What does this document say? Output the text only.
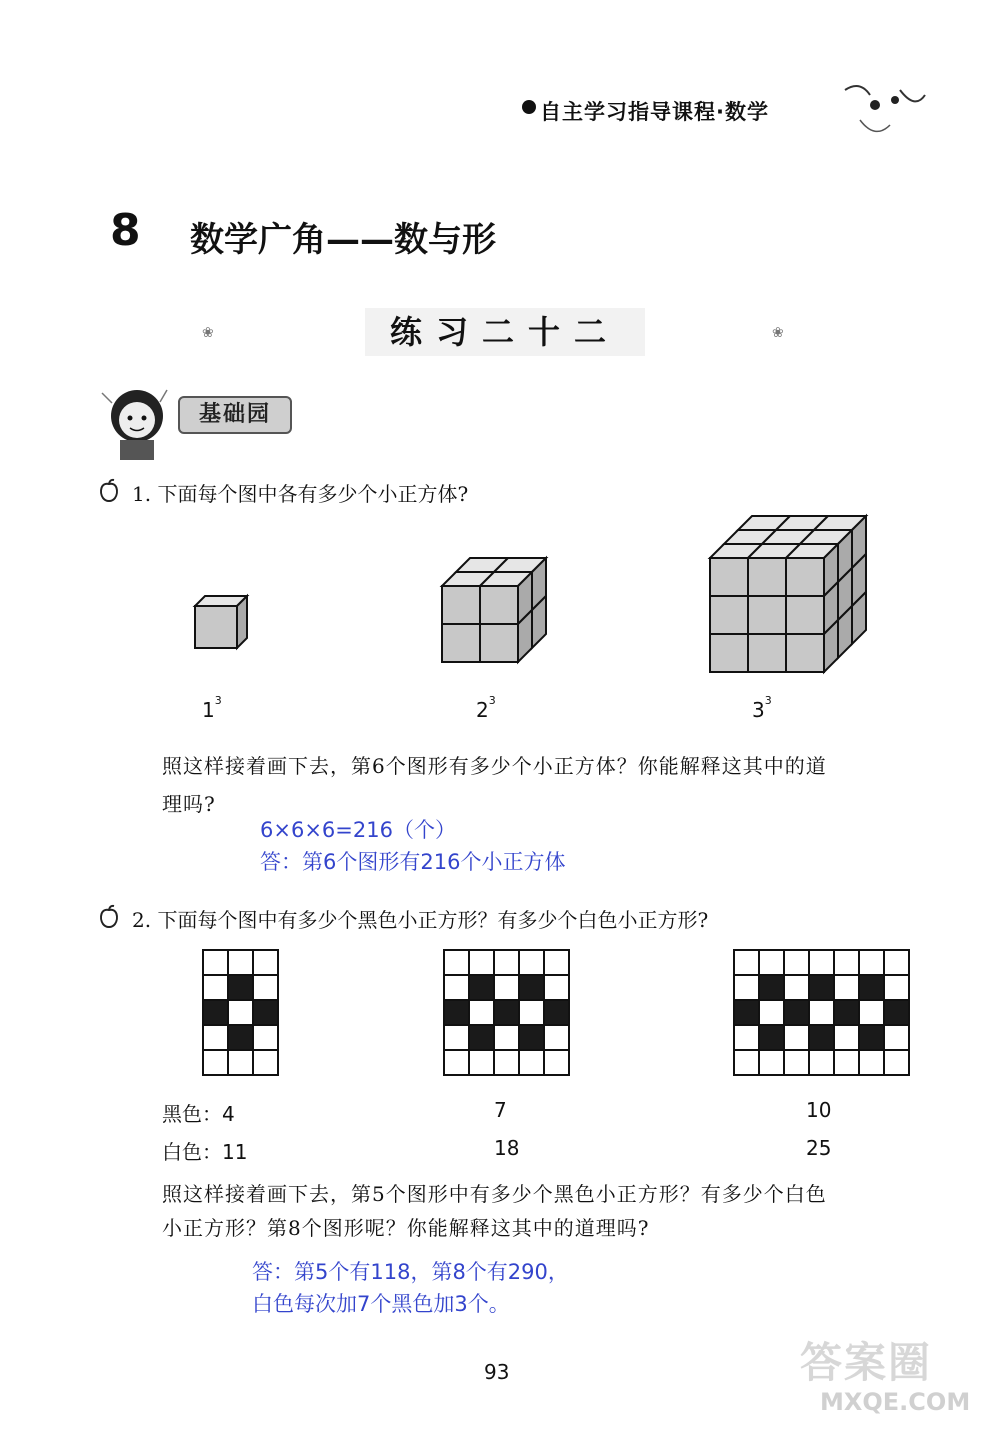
自主学习指导课程·数学
8 数学广角——数与形
❀	练习二十二	❀
基础园
1. 下面每个图中各有多少个小正方体?
$1^3$	$2^3$	$3^3$
照这样接着画下去，第6个图形有多少个小正方体？你能解释这其中的道
理吗?
6×6×6=216（个）
答：第6个图形有216个小正方体
2. 下面每个图中有多少个黑色小正方形？有多少个白色小正方形?
黑色：4	7	10
白色：11	18	25
照这样接着画下去，第5个图形中有多少个黑色小正方形？有多少个白色
小正方形？第8个图形呢？你能解释这其中的道理吗?
答：第5个有118，第8个有290，
白色每次加7个黑色加3个。
93	答案圈
MXQE.COM
